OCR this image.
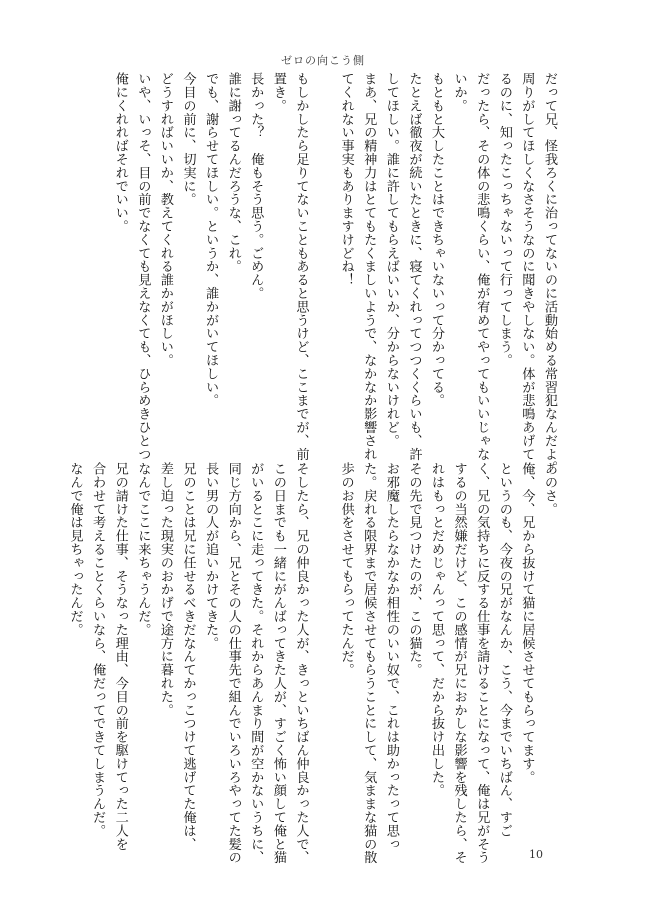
ゼロの向こう側
だって兄、怪我ろくに治ってないのに活動始める常習犯なんだよ。
周りがしてほしくなさそうなのに聞きやしない。体が悲鳴あげて
るのに、知ったこっちゃないって行ってしまう。
だったら、その体の悲鳴くらい、俺が宥めてやってもいいじゃな
いか。
もともと大したことはできちゃいないって分かってる。
たとえば徹夜が続いたときに、寝てくれってつつくくらいも、許
してほしい。誰に許してもらえばいいか、分からないけれど。
まあ、兄の精神力はとてもたくましいようで、なかなか影響され
てくれない事実もありますけどね！

もしかしたら足りてないこともあると思うけど、ここまでが、前
置き。
長かった？　俺もそう思う。ごめん。
誰に謝ってるんだろうな、これ。
でも、謝らせてほしい。というか、誰かがいてほしい。
今目の前に、切実に。
どうすればいいか、教えてくれる誰かがほしい。
いや、いっそ、目の前でなくても見えなくても、ひらめきひとつ
俺にくれればそれでいい。
あのさ。
俺、今、兄から抜けて猫に居候させてもらってます。
というのも、今夜の兄がなんか、こう、今までいちばん、すご
く、兄の気持ちに反する仕事を請けることになって、俺は兄がそう
するの当然嫌だけど、この感情が兄におかしな影響を残したら、そ
れはもっとだめじゃんって思って、だから抜け出した。
その先で見つけたのが、この猫た。
お邪魔したらなかなか相性のいい奴で、これは助かったって思っ
た。戻れる限界まで居候させてもらうことにして、気ままな猫の散
歩のお供をさせてもらってたんだ。

そしたら、兄の仲良かった人が、きっといちばん仲良かった人で、
この日までも一緒にがんばってきた人が、すごく怖い顔して俺と猫
がいるとこに走ってきた。それからあんまり間が空かないうちに、
同じ方向から、兄とその人の仕事先で組んでいろいろやってた髪の
長い男の人が追いかけてきた。
兄のことは兄に任せるべきだなんてかっこつけて逃げてた俺は、
差し迫った現実のおかげで途方に暮れた。
なんでここに来ちゃうんだ。
兄の請けた仕事、そうなった理由、今目の前を駆けてった二人を
合わせて考えることくらいなら、俺だってできてしまうんだ。
なんで俺は見ちゃったんだ。
10
